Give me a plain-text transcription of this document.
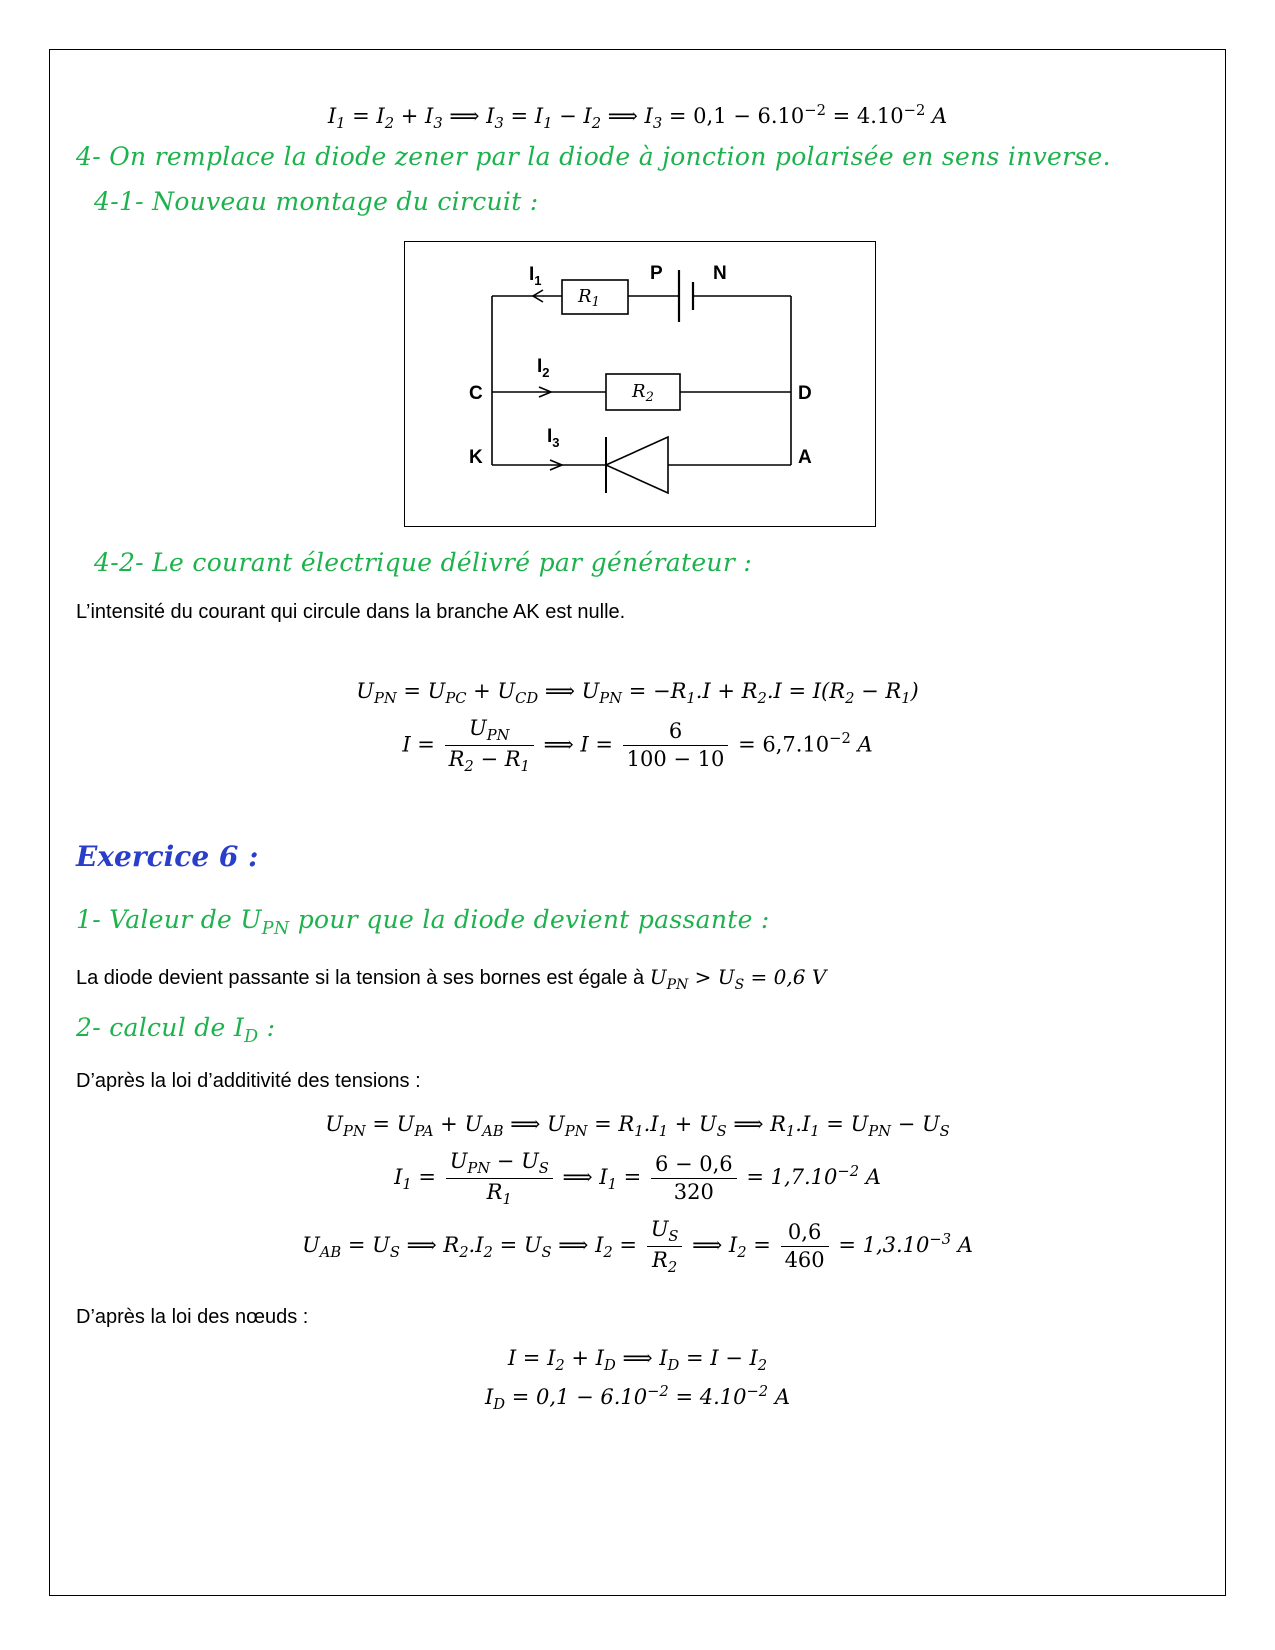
$I_1 = I_2 + I_3$ ⟹ $I_3 = I_1 - I_2$ ⟹ $I_3 = 0,1 - 6.10^{-2} = 4.10^{-2}$ A
4- On remplace la diode zener par la diode à jonction polarisée en sens inverse.
4-1- Nouveau montage du circuit :
$I_1$	P	N
$I_2$
C	D
$I_3$
K	A
$R_1$
$R_2$
4-2- Le courant électrique délivré par générateur :
L’intensité du courant qui circule dans la branche AK est nulle.
$U_{PN} = U_{PC} + U_{CD}$ ⟹ $U_{PN} = -R_1.I + R_2.I = I(R_2 - R_1)$
$I = \frac{U_{PN}}{R_2 - R_1}$ ⟹ $I = \frac{6}{100 - 10} = 6,7.10^{-2}$ A
Exercice 6 :
1- Valeur de $U_{PN}$ pour que la diode devient passante :
La diode devient passante si la tension à ses bornes est égale à $U_{PN} > U_S = 0,6$ V
2- calcul de $I_D$ :
D’après la loi d’additivité des tensions :
$U_{PN} = U_{PA} + U_{AB}$ ⟹ $U_{PN} = R_1.I_1 + U_S$ ⟹ $R_1.I_1 = U_{PN} - U_S$
$I_1 = \frac{U_{PN} - U_S}{R_1}$ ⟹ $I_1 = \frac{6 - 0,6}{320} = 1,7.10^{-2}$ A
$U_{AB} = U_S$ ⟹ $R_2.I_2 = U_S$ ⟹ $I_2 = \frac{U_S}{R_2}$ ⟹ $I_2 = \frac{0,6}{460} = 1,3.10^{-3}$ A
D’après la loi des nœuds :
$I = I_2 + I_D$ ⟹ $I_D = I - I_2$
$I_D = 0,1 - 6.10^{-2} = 4.10^{-2}$ A
